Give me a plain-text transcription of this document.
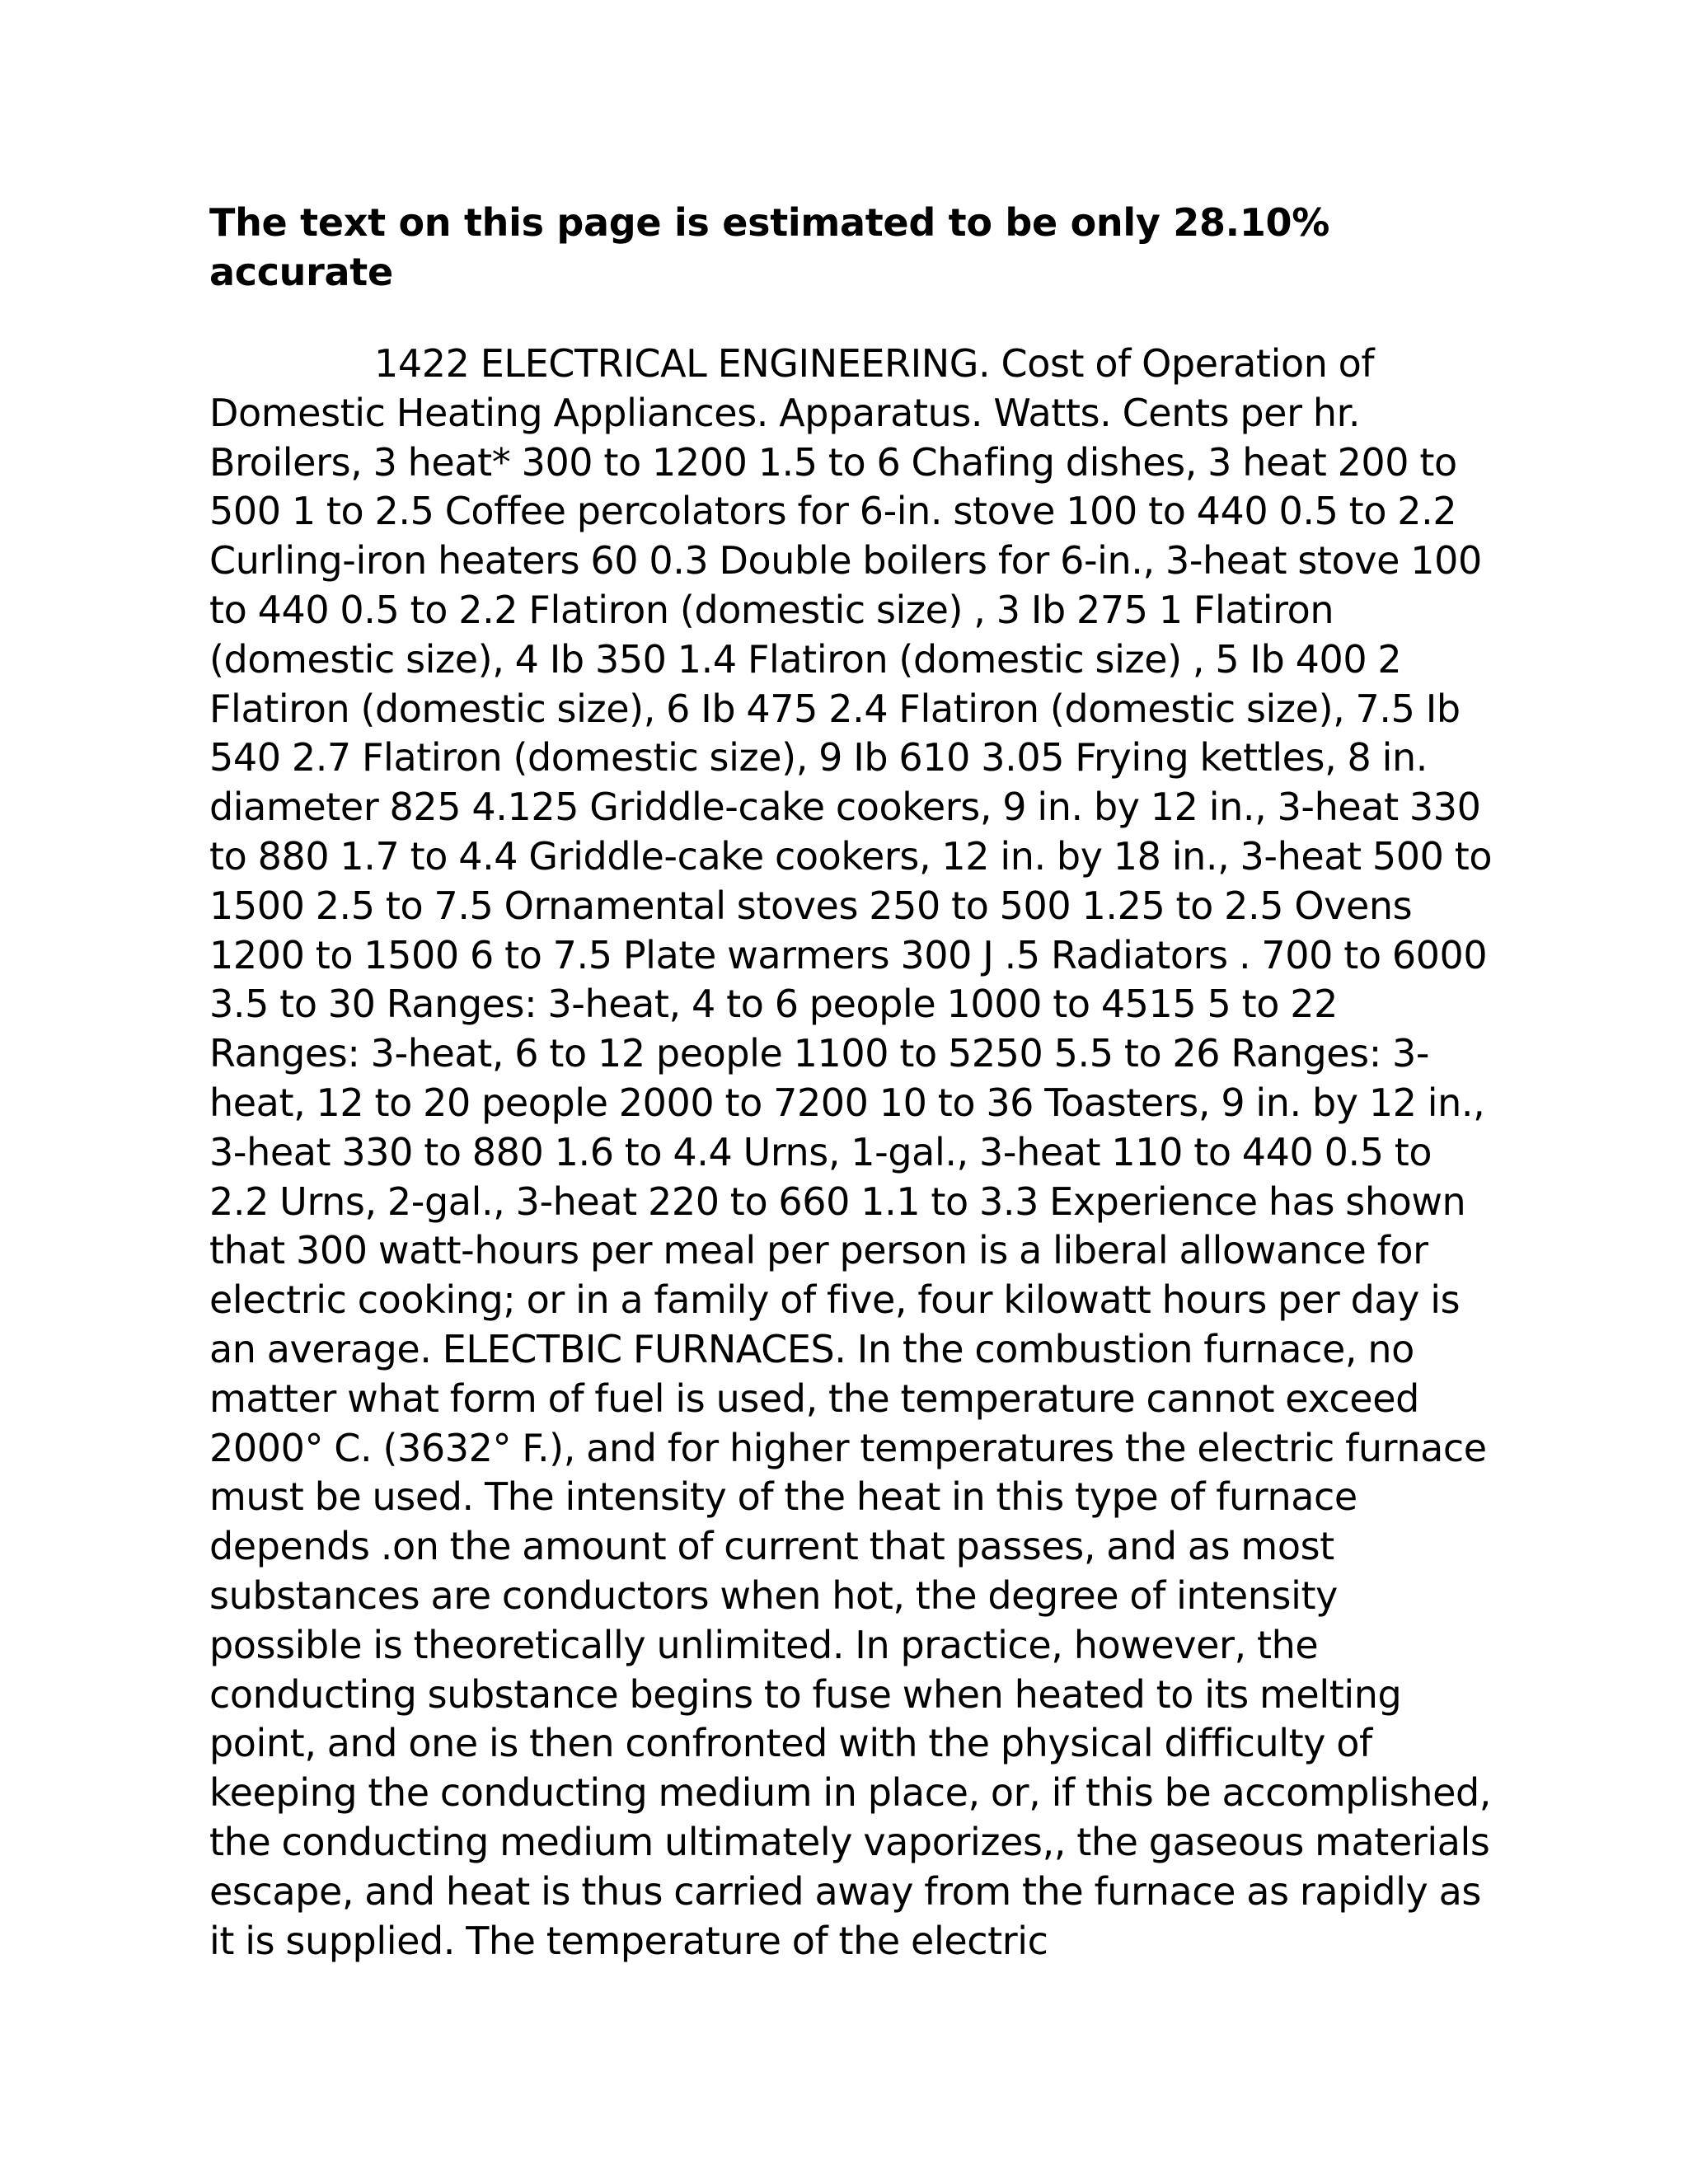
The text on this page is estimated to be only 28.10% accurate

1422 ELECTRICAL ENGINEERING. Cost of Operation of Domestic Heating Appliances. Apparatus. Watts. Cents per hr. Broilers, 3 heat* 300 to 1200 1.5 to 6 Chafing dishes, 3 heat 200 to 500 1 to 2.5 Coffee percolators for 6-in. stove 100 to 440 0.5 to 2.2 Curling-iron heaters 60 0.3 Double boilers for 6-in., 3-heat stove 100 to 440 0.5 to 2.2 Flatiron (domestic size) , 3 Ib 275 1 Flatiron (domestic size), 4 Ib 350 1.4 Flatiron (domestic size) , 5 Ib 400 2 Flatiron (domestic size), 6 Ib 475 2.4 Flatiron (domestic size), 7.5 Ib 540 2.7 Flatiron (domestic size), 9 Ib 610 3.05 Frying kettles, 8 in. diameter 825 4.125 Griddle-cake cookers, 9 in. by 12 in., 3-heat 330 to 880 1.7 to 4.4 Griddle-cake cookers, 12 in. by 18 in., 3-heat 500 to 1500 2.5 to 7.5 Ornamental stoves 250 to 500 1.25 to 2.5 Ovens 1200 to 1500 6 to 7.5 Plate warmers 300 J .5 Radiators . 700 to 6000 3.5 to 30 Ranges: 3-heat, 4 to 6 people 1000 to 4515 5 to 22 Ranges: 3-heat, 6 to 12 people 1100 to 5250 5.5 to 26 Ranges: 3-heat, 12 to 20 people 2000 to 7200 10 to 36 Toasters, 9 in. by 12 in., 3-heat 330 to 880 1.6 to 4.4 Urns, 1-gal., 3-heat 110 to 440 0.5 to 2.2 Urns, 2-gal., 3-heat 220 to 660 1.1 to 3.3 Experience has shown that 300 watt-hours per meal per person is a liberal allowance for electric cooking; or in a family of five, four kilowatt hours per day is an average. ELECTBIC FURNACES. In the combustion furnace, no matter what form of fuel is used, the temperature cannot exceed 2000° C. (3632° F.), and for higher temperatures the electric furnace must be used. The intensity of the heat in this type of furnace depends .on the amount of current that passes, and as most substances are conductors when hot, the degree of intensity possible is theoretically unlimited. In practice, however, the conducting substance begins to fuse when heated to its melting point, and one is then confronted with the physical difficulty of keeping the conducting medium in place, or, if this be accomplished, the conducting medium ultimately vaporizes,, the gaseous materials escape, and heat is thus carried away from the furnace as rapidly as it is supplied. The temperature of the electric
